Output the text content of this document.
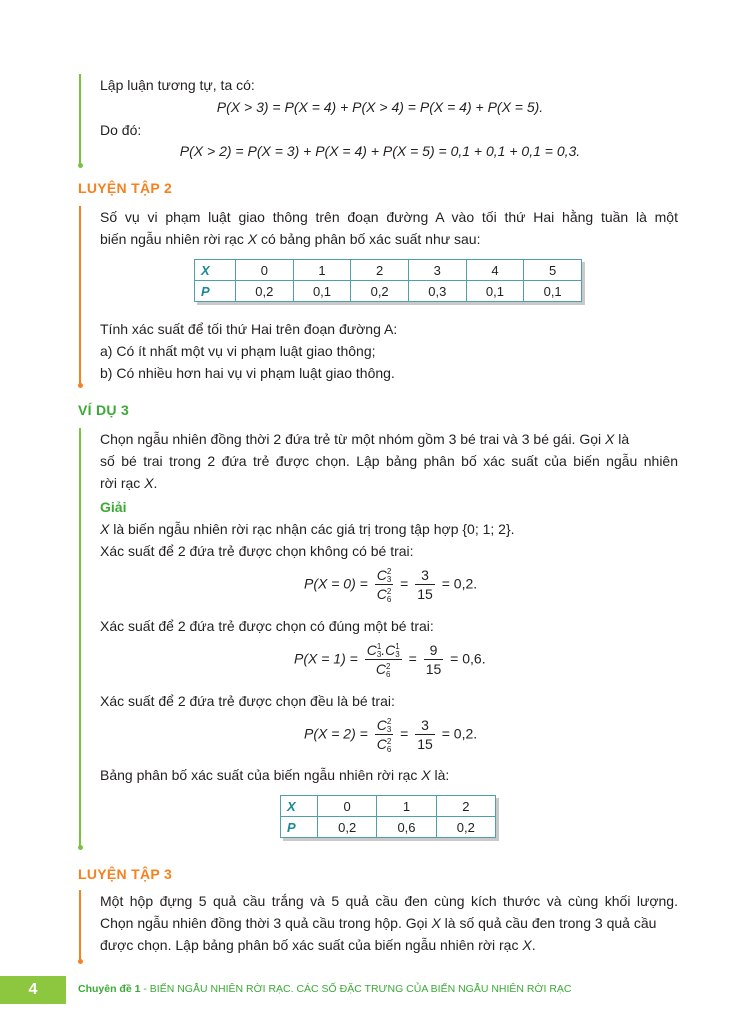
Lập luận tương tự, ta có:
P(X > 3) = P(X = 4) + P(X > 4) = P(X = 4) + P(X = 5).
Do đó:
P(X > 2) = P(X = 3) + P(X = 4) + P(X = 5) = 0,1 + 0,1 + 0,1 = 0,3.
LUYỆN TẬP 2
Số vụ vi phạm luật giao thông trên đoạn đường A vào tối thứ Hai hằng tuần là một
biến ngẫu nhiên rời rạc X có bảng phân bố xác suất như sau:
X	0	1	2	3	4	5
P	0,2	0,1	0,2	0,3	0,1	0,1
Tính xác suất để tối thứ Hai trên đoạn đường A:
a) Có ít nhất một vụ vi phạm luật giao thông;
b) Có nhiều hơn hai vụ vi phạm luật giao thông.
VÍ DỤ 3
Chọn ngẫu nhiên đồng thời 2 đứa trẻ từ một nhóm gồm 3 bé trai và 3 bé gái. Gọi X là
số bé trai trong 2 đứa trẻ được chọn. Lập bảng phân bố xác suất của biến ngẫu nhiên
rời rạc X.
Giải
X là biến ngẫu nhiên rời rạc nhận các giá trị trong tập hợp {0; 1; 2}.
Xác suất để 2 đứa trẻ được chọn không có bé trai:
P(X = 0) =
C2
3
C2
6
= $\frac{3}{15} = 0,2$.
Xác suất để 2 đứa trẻ được chọn có đúng một bé trai:
P(X = 1) =
C1
3.C1
3
C2
6
= $\frac{9}{15} = 0,6$.
Xác suất để 2 đứa trẻ được chọn đều là bé trai:
P(X = 2) =
C2
3
C2
6
= $\frac{3}{15} = 0,2$.
Bảng phân bố xác suất của biến ngẫu nhiên rời rạc X là:
X	0	1	2
P	0,2	0,6	0,2
LUYỆN TẬP 3
Một hộp đựng 5 quả cầu trắng và 5 quả cầu đen cùng kích thước và cùng khối lượng.
Chọn ngẫu nhiên đồng thời 3 quả cầu trong hộp. Gọi X là số quả cầu đen trong 3 quả cầu
được chọn. Lập bảng phân bố xác suất của biến ngẫu nhiên rời rạc X.
4	Chuyên đề 1 - BIẾN NGẪU NHIÊN RỜI RẠC. CÁC SỐ ĐẶC TRƯNG CỦA BIẾN NGẪU NHIÊN RỜI RẠC
